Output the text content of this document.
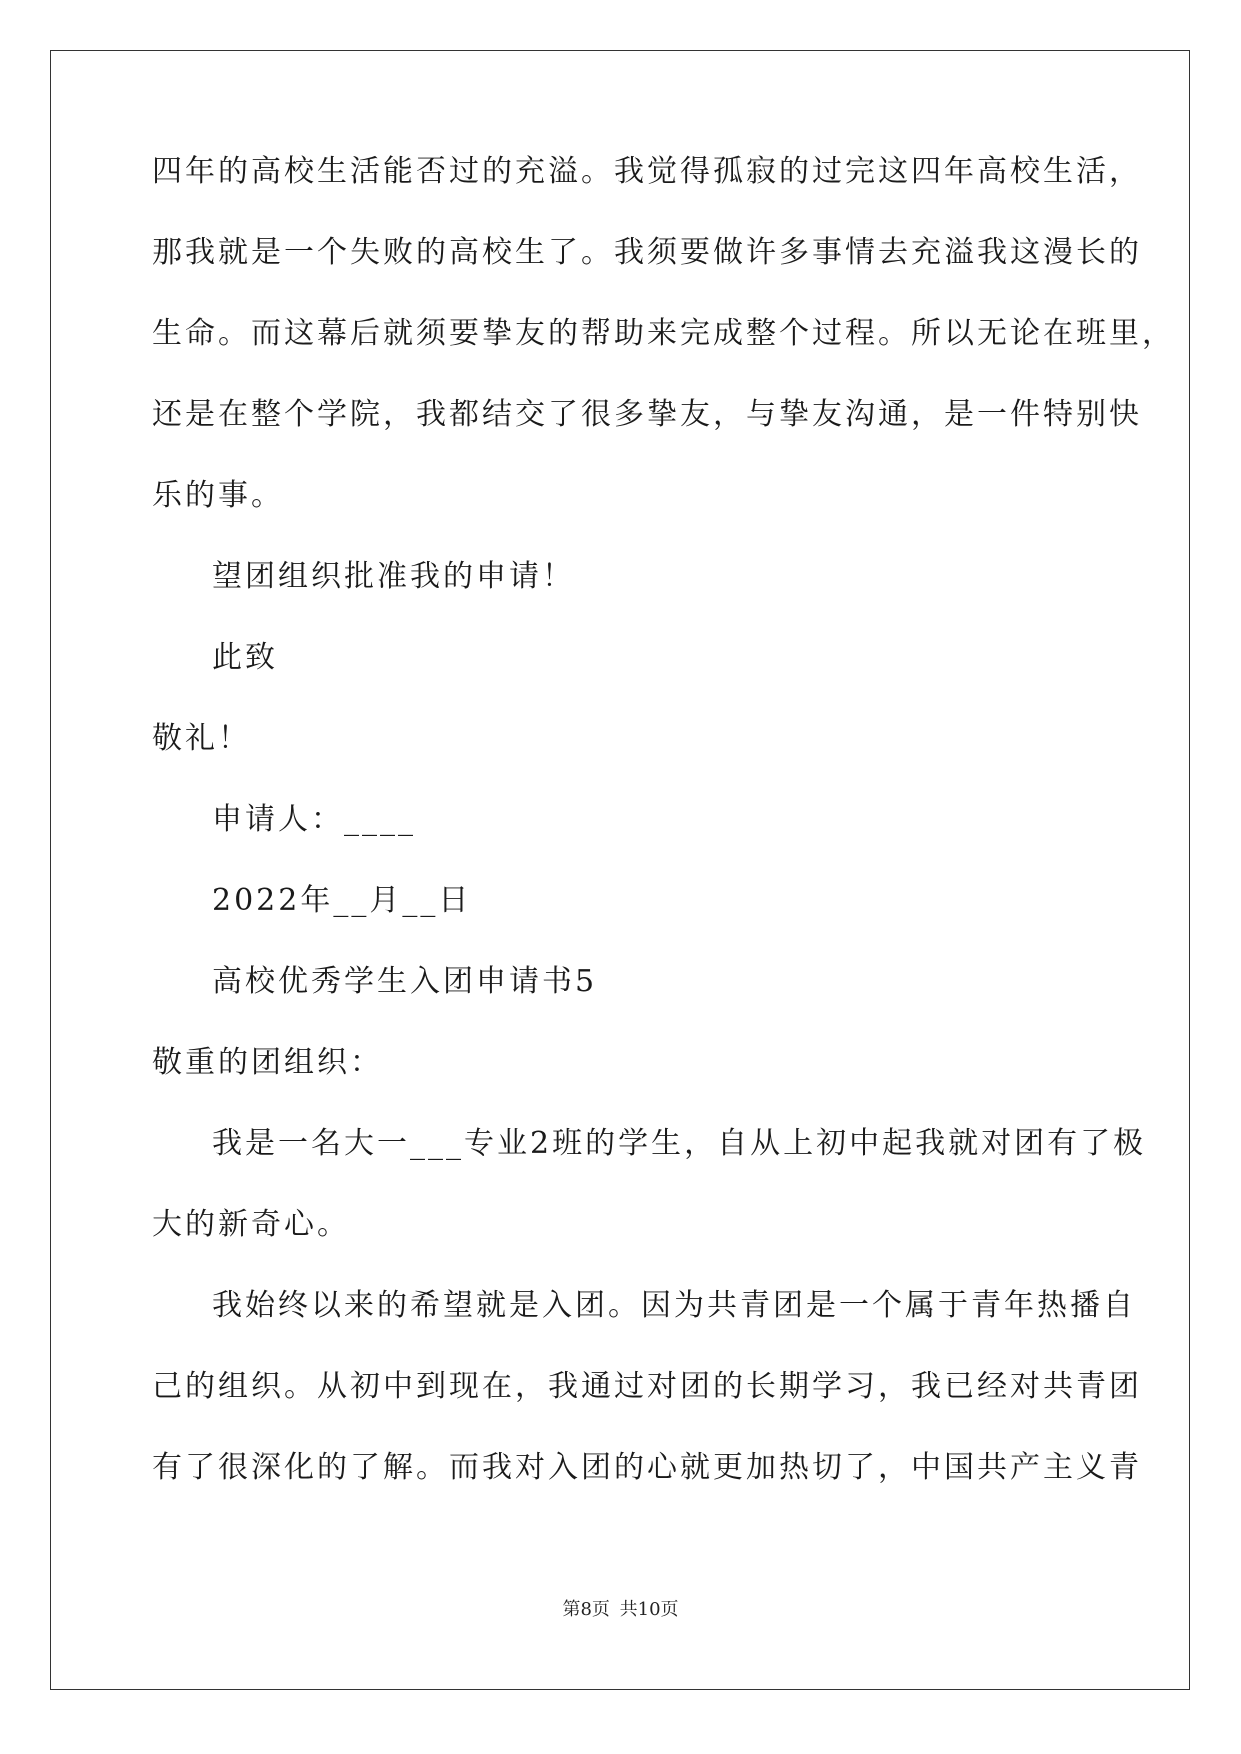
四年的高校生活能否过的充溢。我觉得孤寂的过完这四年高校生活，
那我就是一个失败的高校生了。我须要做许多事情去充溢我这漫长的
生命。而这幕后就须要挚友的帮助来完成整个过程。所以无论在班里，
还是在整个学院，我都结交了很多挚友，与挚友沟通，是一件特别快
乐的事。
望团组织批准我的申请！
此致
敬礼！
申请人：____
2022年__月__日
高校优秀学生入团申请书5
敬重的团组织：
我是一名大一___专业2班的学生，自从上初中起我就对团有了极
大的新奇心。
我始终以来的希望就是入团。因为共青团是一个属于青年热播自
己的组织。从初中到现在，我通过对团的长期学习，我已经对共青团
有了很深化的了解。而我对入团的心就更加热切了，中国共产主义青
第8页 共10页
